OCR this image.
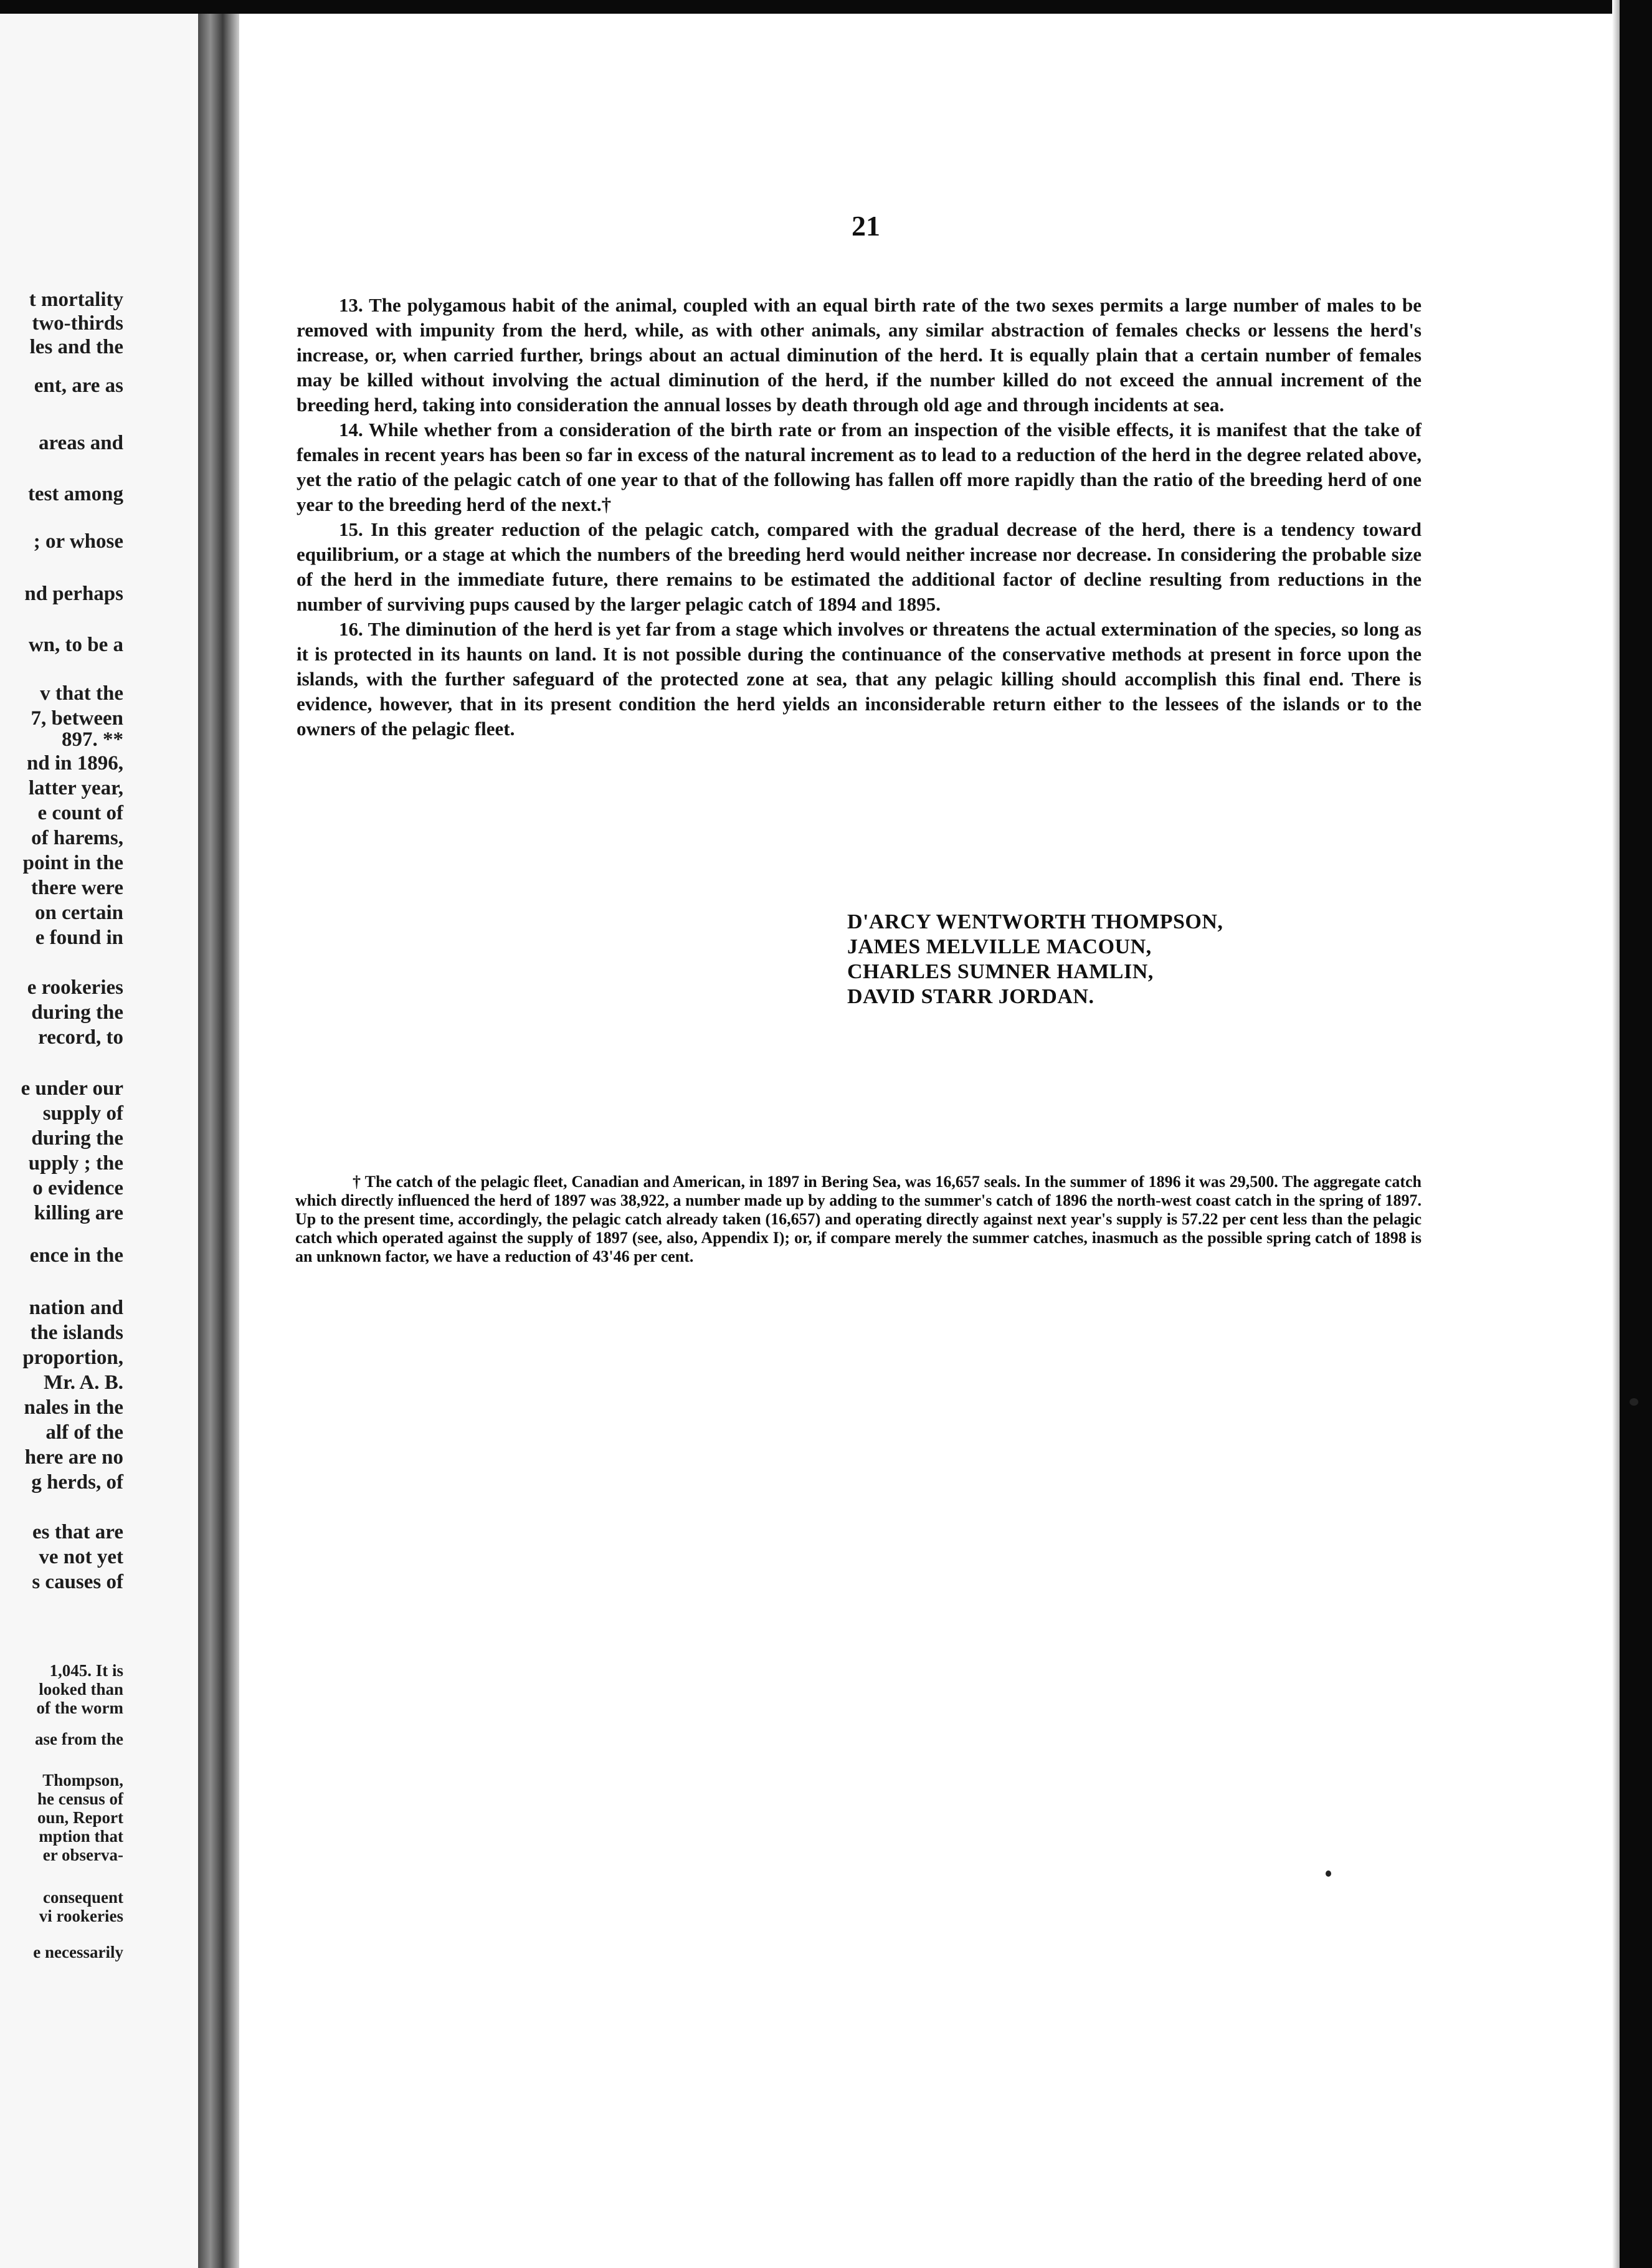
t mortality
two-thirds
les and the
ent, are as
areas and
test among
; or whose
nd perhaps
wn, to be a
v that the
7, between
897. **
nd in 1896,
latter year,
e count of
of harems,
point in the
there were
on certain
e found in
e rookeries
during the
record, to
e under our
supply of
during the
upply ; the
o evidence
killing are
ence in the
nation and
the islands
proportion,
Mr. A. B.
nales in the
alf of the
here are no
g herds, of
es that are
ve not yet
s causes of
1,045. It is
looked than
of the worm
ase from the
Thompson,
he census of
oun, Report
mption that
er observa-
consequent
vi rookeries
e necessarily
21

13. The polygamous habit of the animal, coupled with an equal birth rate of the two sexes permits a large number of males to be removed with impunity from the herd, while, as with other animals, any similar abstraction of females checks or lessens the herd's increase, or, when carried further, brings about an actual diminution of the herd. It is equally plain that a certain number of females may be killed without involving the actual diminution of the herd, if the number killed do not exceed the annual increment of the breeding herd, taking into consideration the annual losses by death through old age and through incidents at sea.

14. While whether from a consideration of the birth rate or from an inspection of the visible effects, it is manifest that the take of females in recent years has been so far in excess of the natural increment as to lead to a reduction of the herd in the degree related above, yet the ratio of the pelagic catch of one year to that of the following has fallen off more rapidly than the ratio of the breeding herd of one year to the breeding herd of the next.†

15. In this greater reduction of the pelagic catch, compared with the gradual decrease of the herd, there is a tendency toward equilibrium, or a stage at which the numbers of the breeding herd would neither increase nor decrease. In considering the probable size of the herd in the immediate future, there remains to be estimated the additional factor of decline resulting from reductions in the number of surviving pups caused by the larger pelagic catch of 1894 and 1895.

16. The diminution of the herd is yet far from a stage which involves or threatens the actual extermination of the species, so long as it is protected in its haunts on land. It is not possible during the continuance of the conservative methods at present in force upon the islands, with the further safeguard of the protected zone at sea, that any pelagic killing should accomplish this final end. There is evidence, however, that in its present condition the herd yields an inconsiderable return either to the lessees of the islands or to the owners of the pelagic fleet.

D'ARCY WENTWORTH THOMPSON,
JAMES MELVILLE MACOUN,
CHARLES SUMNER HAMLIN,
DAVID STARR JORDAN.
† The catch of the pelagic fleet, Canadian and American, in 1897 in Bering Sea, was 16,657 seals. In the summer of 1896 it was 29,500. The aggregate catch which directly influenced the herd of 1897 was 38,922, a number made up by adding to the summer's catch of 1896 the north-west coast catch in the spring of 1897. Up to the present time, accordingly, the pelagic catch already taken (16,657) and operating directly against next year's supply is 57.22 per cent less than the pelagic catch which operated against the supply of 1897 (see, also, Appendix I); or, if compare merely the summer catches, inasmuch as the possible spring catch of 1898 is an unknown factor, we have a reduction of 43'46 per cent.
